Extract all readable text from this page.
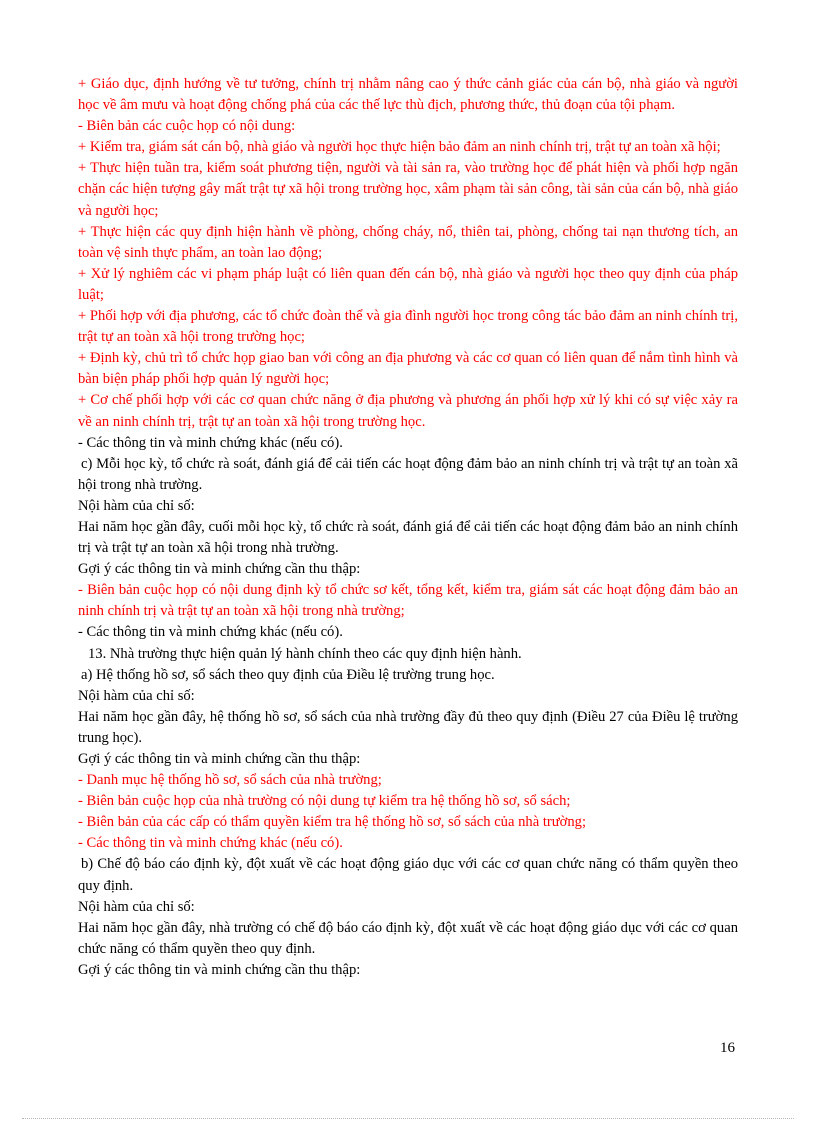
+ Giáo dục, định hướng về tư tưởng, chính trị nhằm nâng cao ý thức cảnh giác của cán bộ, nhà giáo và người học về âm mưu và hoạt động chống phá của các thế lực thù địch, phương thức, thủ đoạn của tội phạm.

- Biên bản các cuộc họp có nội dung:

+ Kiểm tra, giám sát cán bộ, nhà giáo và người học thực hiện bảo đảm an ninh chính trị, trật tự an toàn xã hội;

+ Thực hiện tuần tra, kiểm soát phương tiện, người và tài sản ra, vào trường học để phát hiện và phối hợp ngăn chặn các hiện tượng gây mất trật tự xã hội trong trường học, xâm phạm tài sản công, tài sản của cán bộ, nhà giáo và người học;

+ Thực hiện các quy định hiện hành về phòng, chống cháy, nổ, thiên tai, phòng, chống tai nạn thương tích, an toàn vệ sinh thực phẩm, an toàn lao động;

+ Xử lý nghiêm các vi phạm pháp luật có liên quan đến cán bộ, nhà giáo và người học theo quy định của pháp luật;

+ Phối hợp với địa phương, các tổ chức đoàn thể và gia đình người học trong công tác bảo đảm an ninh chính trị, trật tự an toàn xã hội trong trường học;

+ Định kỳ, chủ trì tổ chức họp giao ban với công an địa phương và các cơ quan có liên quan để nắm tình hình và bàn biện pháp phối hợp quản lý người học;

+ Cơ chế phối hợp với các cơ quan chức năng ở địa phương và phương án phối hợp xử lý khi có sự việc xảy ra về an ninh chính trị, trật tự an toàn xã hội trong trường học.

- Các thông tin và minh chứng khác (nếu có).

c) Mỗi học kỳ, tổ chức rà soát, đánh giá để cải tiến các hoạt động đảm bảo an ninh chính trị và trật tự an toàn xã hội trong nhà trường.

Nội hàm của chỉ số:

Hai năm học gần đây, cuối mỗi học kỳ, tổ chức rà soát, đánh giá để cải tiến các hoạt động đảm bảo an ninh chính trị và trật tự an toàn xã hội trong nhà trường.

Gợi ý các thông tin và minh chứng cần thu thập:

- Biên bản cuộc họp có nội dung định kỳ tổ chức sơ kết, tổng kết, kiểm tra, giám sát các hoạt động đảm bảo an ninh chính trị và trật tự an toàn xã hội trong nhà trường;

- Các thông tin và minh chứng khác (nếu có).

13. Nhà trường thực hiện quản lý hành chính theo các quy định hiện hành.

a) Hệ thống hồ sơ, sổ sách theo quy định của Điều lệ trường trung học.

Nội hàm của chỉ số:

Hai năm học gần đây, hệ thống hồ sơ, sổ sách của nhà trường đầy đủ theo quy định (Điều 27 của Điều lệ trường trung học).

Gợi ý các thông tin và minh chứng cần thu thập:

- Danh mục hệ thống hồ sơ, sổ sách của nhà trường;

- Biên bản cuộc họp của nhà trường có nội dung tự kiểm tra hệ thống hồ sơ, sổ sách;

- Biên bản của các cấp có thẩm quyền kiểm tra hệ thống hồ sơ, sổ sách của nhà trường;

- Các thông tin và minh chứng khác (nếu có).

b) Chế độ báo cáo định kỳ, đột xuất về các hoạt động giáo dục với các cơ quan chức năng có thẩm quyền theo quy định.

Nội hàm của chỉ số:

Hai năm học gần đây, nhà trường có chế độ báo cáo định kỳ, đột xuất về các hoạt động giáo dục với các cơ quan chức năng có thẩm quyền theo quy định.

Gợi ý các thông tin và minh chứng cần thu thập:

16
